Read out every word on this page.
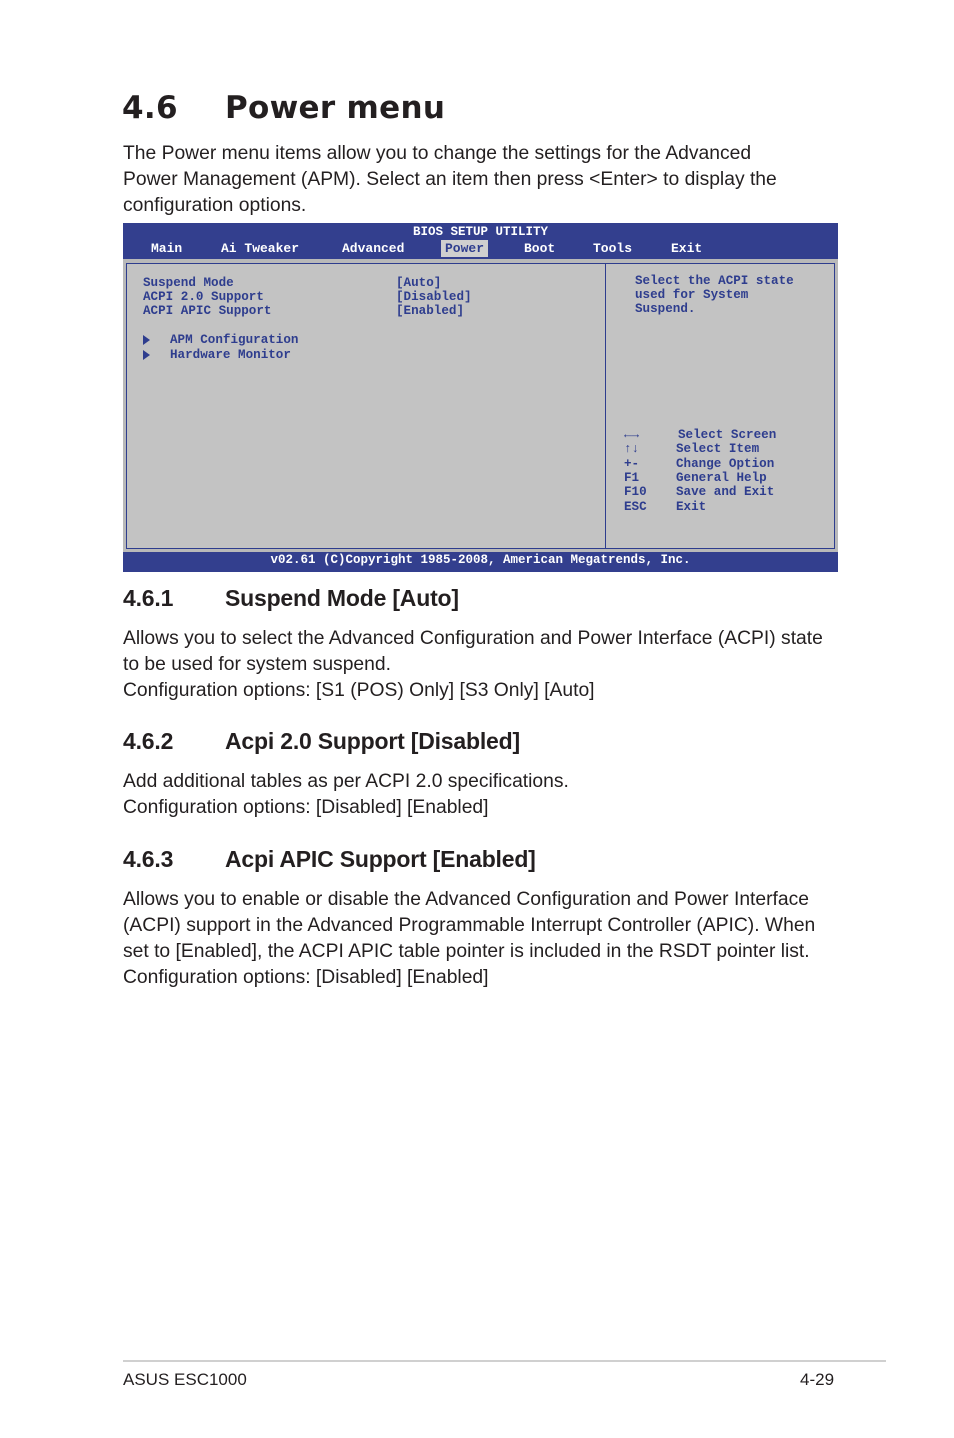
4.6 Power menu

The Power menu items allow you to change the settings for the Advanced

Power Management (APM). Select an item then press <Enter> to display the

configuration options.

BIOS SETUP UTILITY
Main	Ai Tweaker	Advanced	Power	Boot	Tools	Exit
Suspend Mode	[Auto]
ACPI 2.0 Support	[Disabled]
ACPI APIC Support	[Enabled]
APM Configuration
Hardware Monitor
Select the ACPI state
used for System
Suspend.
←→	Select Screen
↑↓	Select Item
+-	Change Option
F1	General Help
F10 Save and Exit
ESC Exit
v02.61 (C)Copyright 1985-2008, American Megatrends, Inc.
4.6.1 Suspend Mode [Auto]

Allows you to select the Advanced Configuration and Power Interface (ACPI) state

to be used for system suspend.

Configuration options: [S1 (POS) Only] [S3 Only] [Auto]

4.6.2 Acpi 2.0 Support [Disabled]

Add additional tables as per ACPI 2.0 specifications.

Configuration options: [Disabled] [Enabled]

4.6.3 Acpi APIC Support [Enabled]

Allows you to enable or disable the Advanced Configuration and Power Interface

(ACPI) support in the Advanced Programmable Interrupt Controller (APIC). When

set to [Enabled], the ACPI APIC table pointer is included in the RSDT pointer list.

Configuration options: [Disabled] [Enabled]

ASUS ESC1000	4-29
